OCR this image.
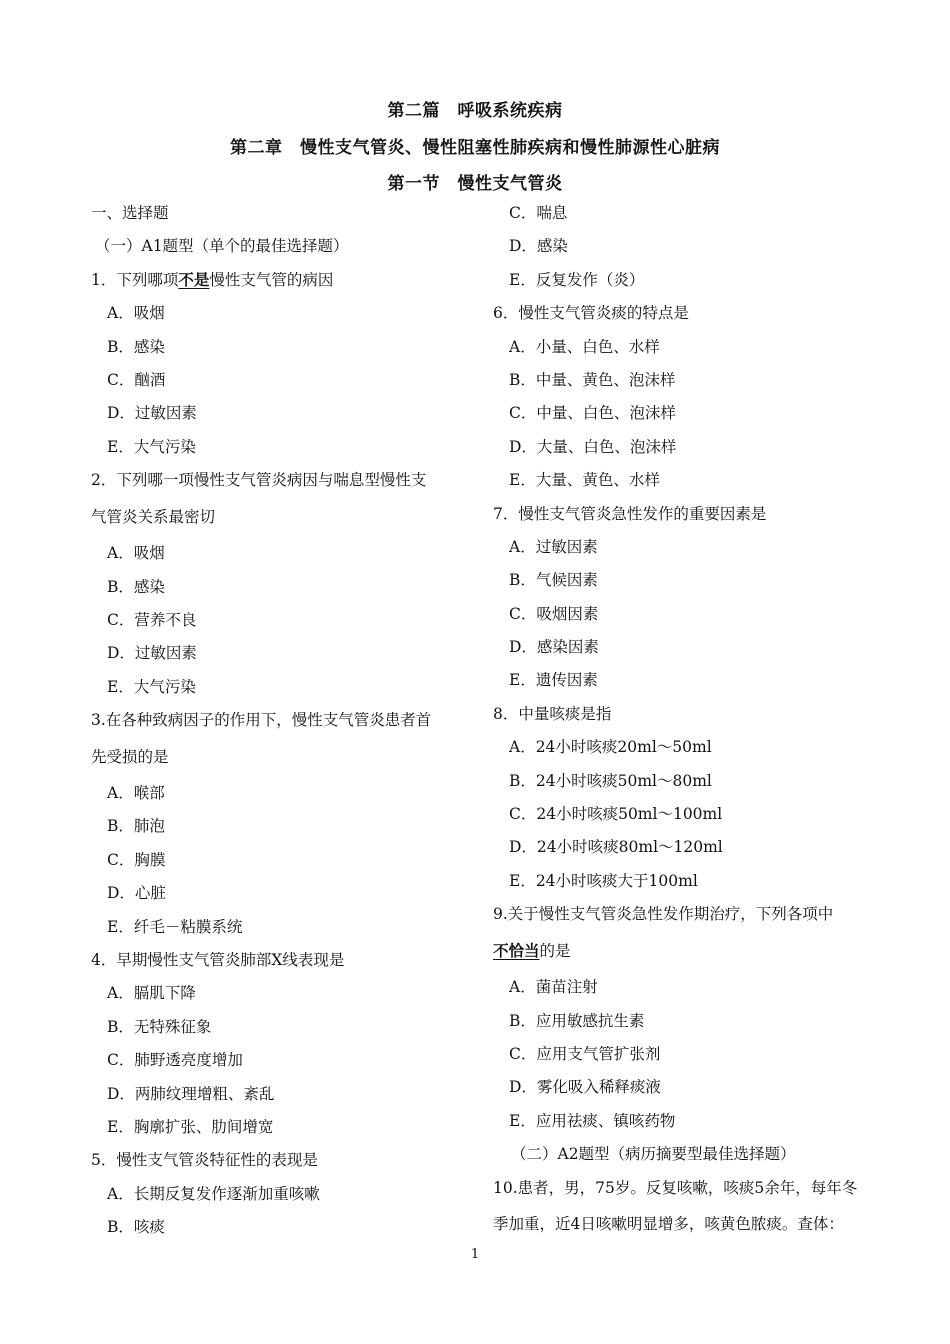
第二篇　呼吸系统疾病
第二章　慢性支气管炎、慢性阻塞性肺疾病和慢性肺源性心脏病
第一节　慢性支气管炎
一、选择题
（一）A1题型（单个的最佳选择题）
1．下列哪项不是慢性支气管的病因
A．吸烟
B．感染
C．酗酒
D．过敏因素
E．大气污染
2．下列哪一项慢性支气管炎病因与喘息型慢性支
气管炎关系最密切
A．吸烟
B．感染
C．营养不良
D．过敏因素
E．大气污染
3.在各种致病因子的作用下，慢性支气管炎患者首
先受损的是
A．喉部
B．肺泡
C．胸膜
D．心脏
E．纤毛－粘膜系统
4．早期慢性支气管炎肺部X线表现是
A．膈肌下降
B．无特殊征象
C．肺野透亮度增加
D．两肺纹理增粗、紊乱
E．胸廓扩张、肋间增宽
5．慢性支气管炎特征性的表现是
A．长期反复发作逐渐加重咳嗽
B．咳痰
C．喘息
D．感染
E．反复发作（炎）
6．慢性支气管炎痰的特点是
A．小量、白色、水样
B．中量、黄色、泡沫样
C．中量、白色、泡沫样
D．大量、白色、泡沫样
E．大量、黄色、水样
7．慢性支气管炎急性发作的重要因素是
A．过敏因素
B．气候因素
C．吸烟因素
D．感染因素
E．遗传因素
8．中量咳痰是指
A．24小时咳痰20ml～50ml
B．24小时咳痰50ml～80ml
C．24小时咳痰50ml～100ml
D．24小时咳痰80ml～120ml
E．24小时咳痰大于100ml
9.关于慢性支气管炎急性发作期治疗，下列各项中
不恰当的是
A．菌苗注射
B．应用敏感抗生素
C．应用支气管扩张剂
D．雾化吸入稀释痰液
E．应用祛痰、镇咳药物
（二）A2题型（病历摘要型最佳选择题）
10.患者，男，75岁。反复咳嗽，咳痰5余年，每年冬
季加重，近4日咳嗽明显增多，咳黄色脓痰。查体：
1
